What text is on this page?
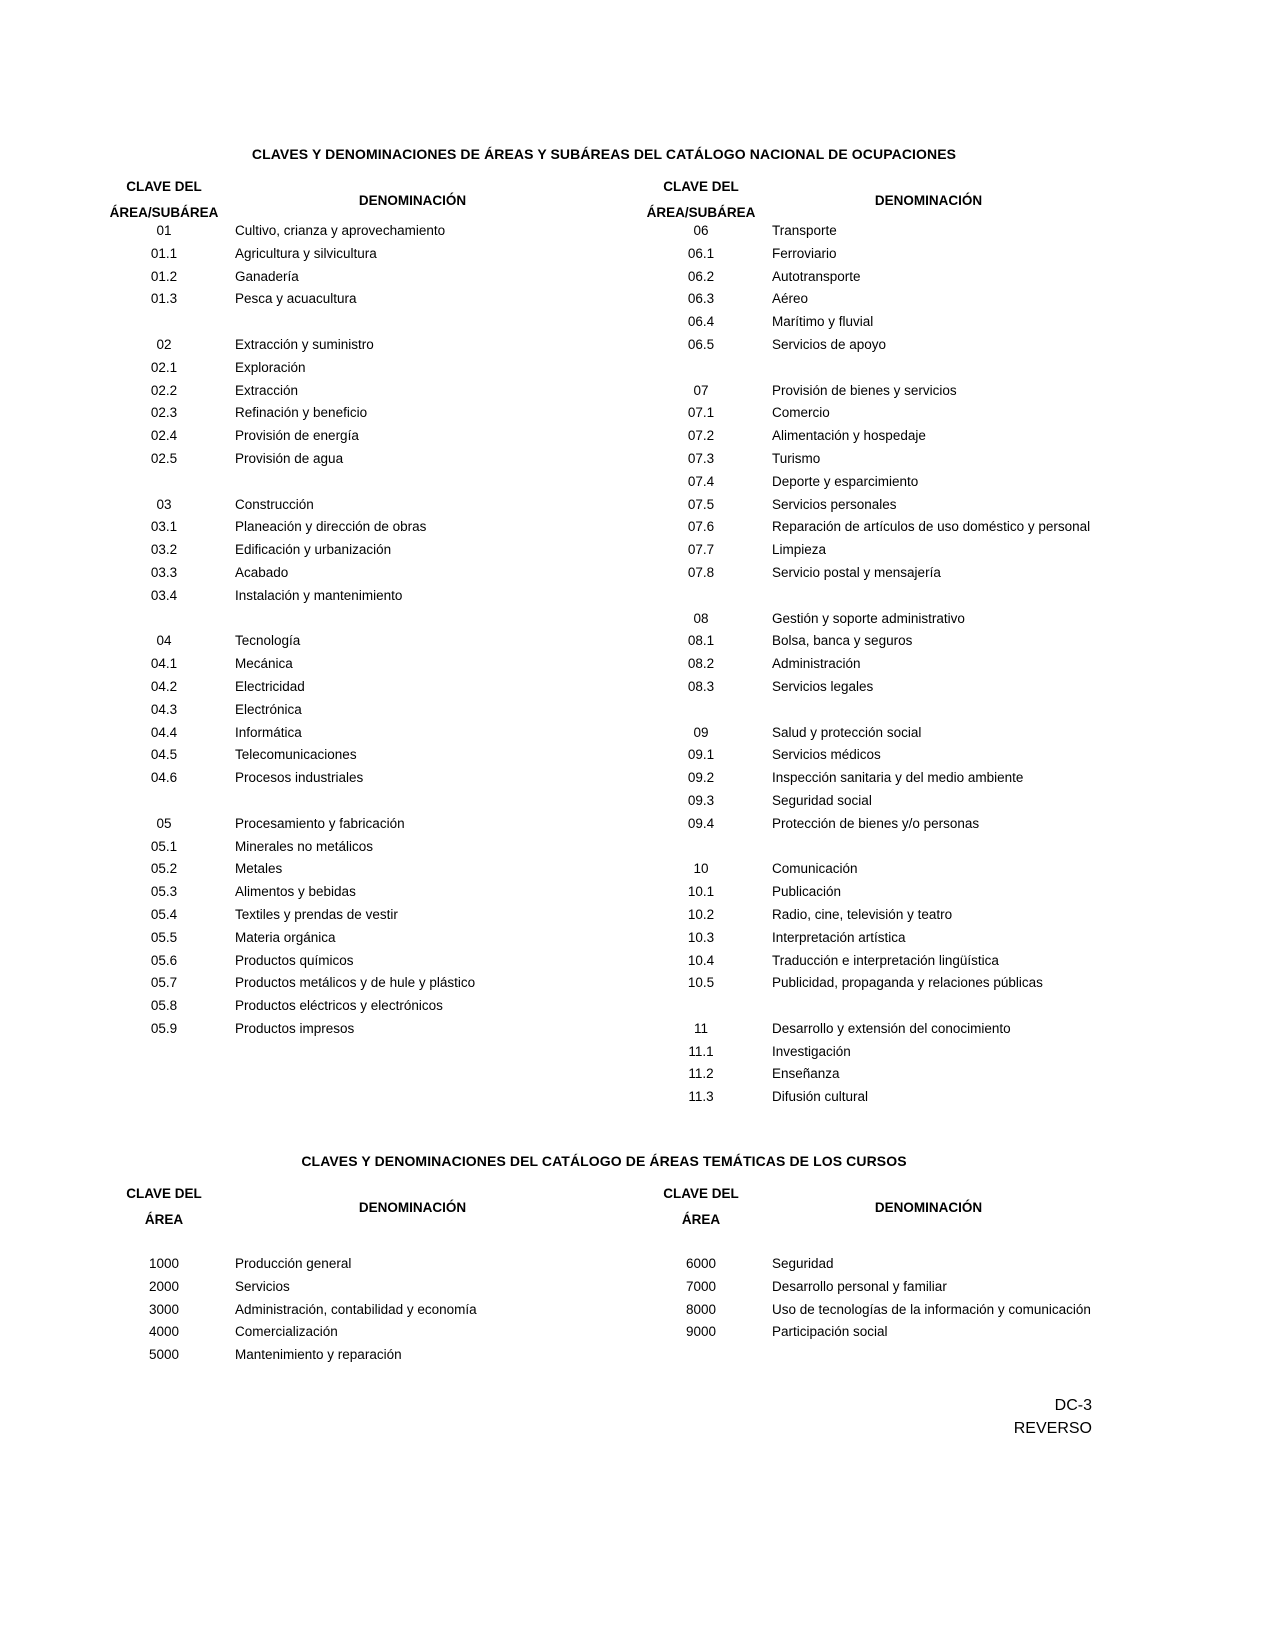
CLAVES Y DENOMINACIONES DE ÁREAS Y SUBÁREAS DEL CATÁLOGO NACIONAL DE OCUPACIONES
CLAVE DEL
ÁREA/SUBÁREA
DENOMINACIÓN
CLAVE DEL
ÁREA/SUBÁREA
DENOMINACIÓN
01	Cultivo, crianza y aprovechamiento	06	Transporte
01.1	Agricultura y silvicultura	06.1	Ferroviario
01.2	Ganadería	06.2	Autotransporte
01.3	Pesca y acuacultura	06.3	Aéreo
06.4	Marítimo y fluvial
02	Extracción y suministro	06.5	Servicios de apoyo
02.1	Exploración
02.2	Extracción	07	Provisión de bienes y servicios
02.3	Refinación y beneficio	07.1	Comercio
02.4	Provisión de energía	07.2	Alimentación y hospedaje
02.5	Provisión de agua	07.3	Turismo
07.4	Deporte y esparcimiento
03	Construcción	07.5	Servicios personales
03.1	Planeación y dirección de obras	07.6	Reparación de artículos de uso doméstico y personal
03.2	Edificación y urbanización	07.7	Limpieza
03.3	Acabado	07.8	Servicio postal y mensajería
03.4	Instalación y mantenimiento
08	Gestión y soporte administrativo
04	Tecnología	08.1	Bolsa, banca y seguros
04.1	Mecánica	08.2	Administración
04.2	Electricidad	08.3	Servicios legales
04.3	Electrónica
04.4	Informática	09	Salud y protección social
04.5	Telecomunicaciones	09.1	Servicios médicos
04.6	Procesos industriales	09.2	Inspección sanitaria y del medio ambiente
09.3	Seguridad social
05	Procesamiento y fabricación	09.4	Protección de bienes y/o personas
05.1	Minerales no metálicos
05.2	Metales	10	Comunicación
05.3	Alimentos y bebidas	10.1	Publicación
05.4	Textiles y prendas de vestir	10.2	Radio, cine, televisión y teatro
05.5	Materia orgánica	10.3	Interpretación artística
05.6	Productos químicos	10.4	Traducción e interpretación lingüística
05.7	Productos metálicos y de hule y plástico	10.5	Publicidad, propaganda y relaciones públicas
05.8	Productos eléctricos y electrónicos
05.9	Productos impresos	11	Desarrollo y extensión del conocimiento
11.1	Investigación
11.2	Enseñanza
11.3	Difusión cultural
CLAVES Y DENOMINACIONES DEL CATÁLOGO DE ÁREAS TEMÁTICAS DE LOS CURSOS
CLAVE DEL
ÁREA
DENOMINACIÓN
CLAVE DEL
ÁREA
DENOMINACIÓN
1000	Producción general	6000	Seguridad
2000	Servicios	7000	Desarrollo personal y familiar
3000	Administración, contabilidad y economía	8000	Uso de tecnologías de la información y comunicación
4000	Comercialización	9000	Participación social
5000	Mantenimiento y reparación
DC-3
REVERSO
